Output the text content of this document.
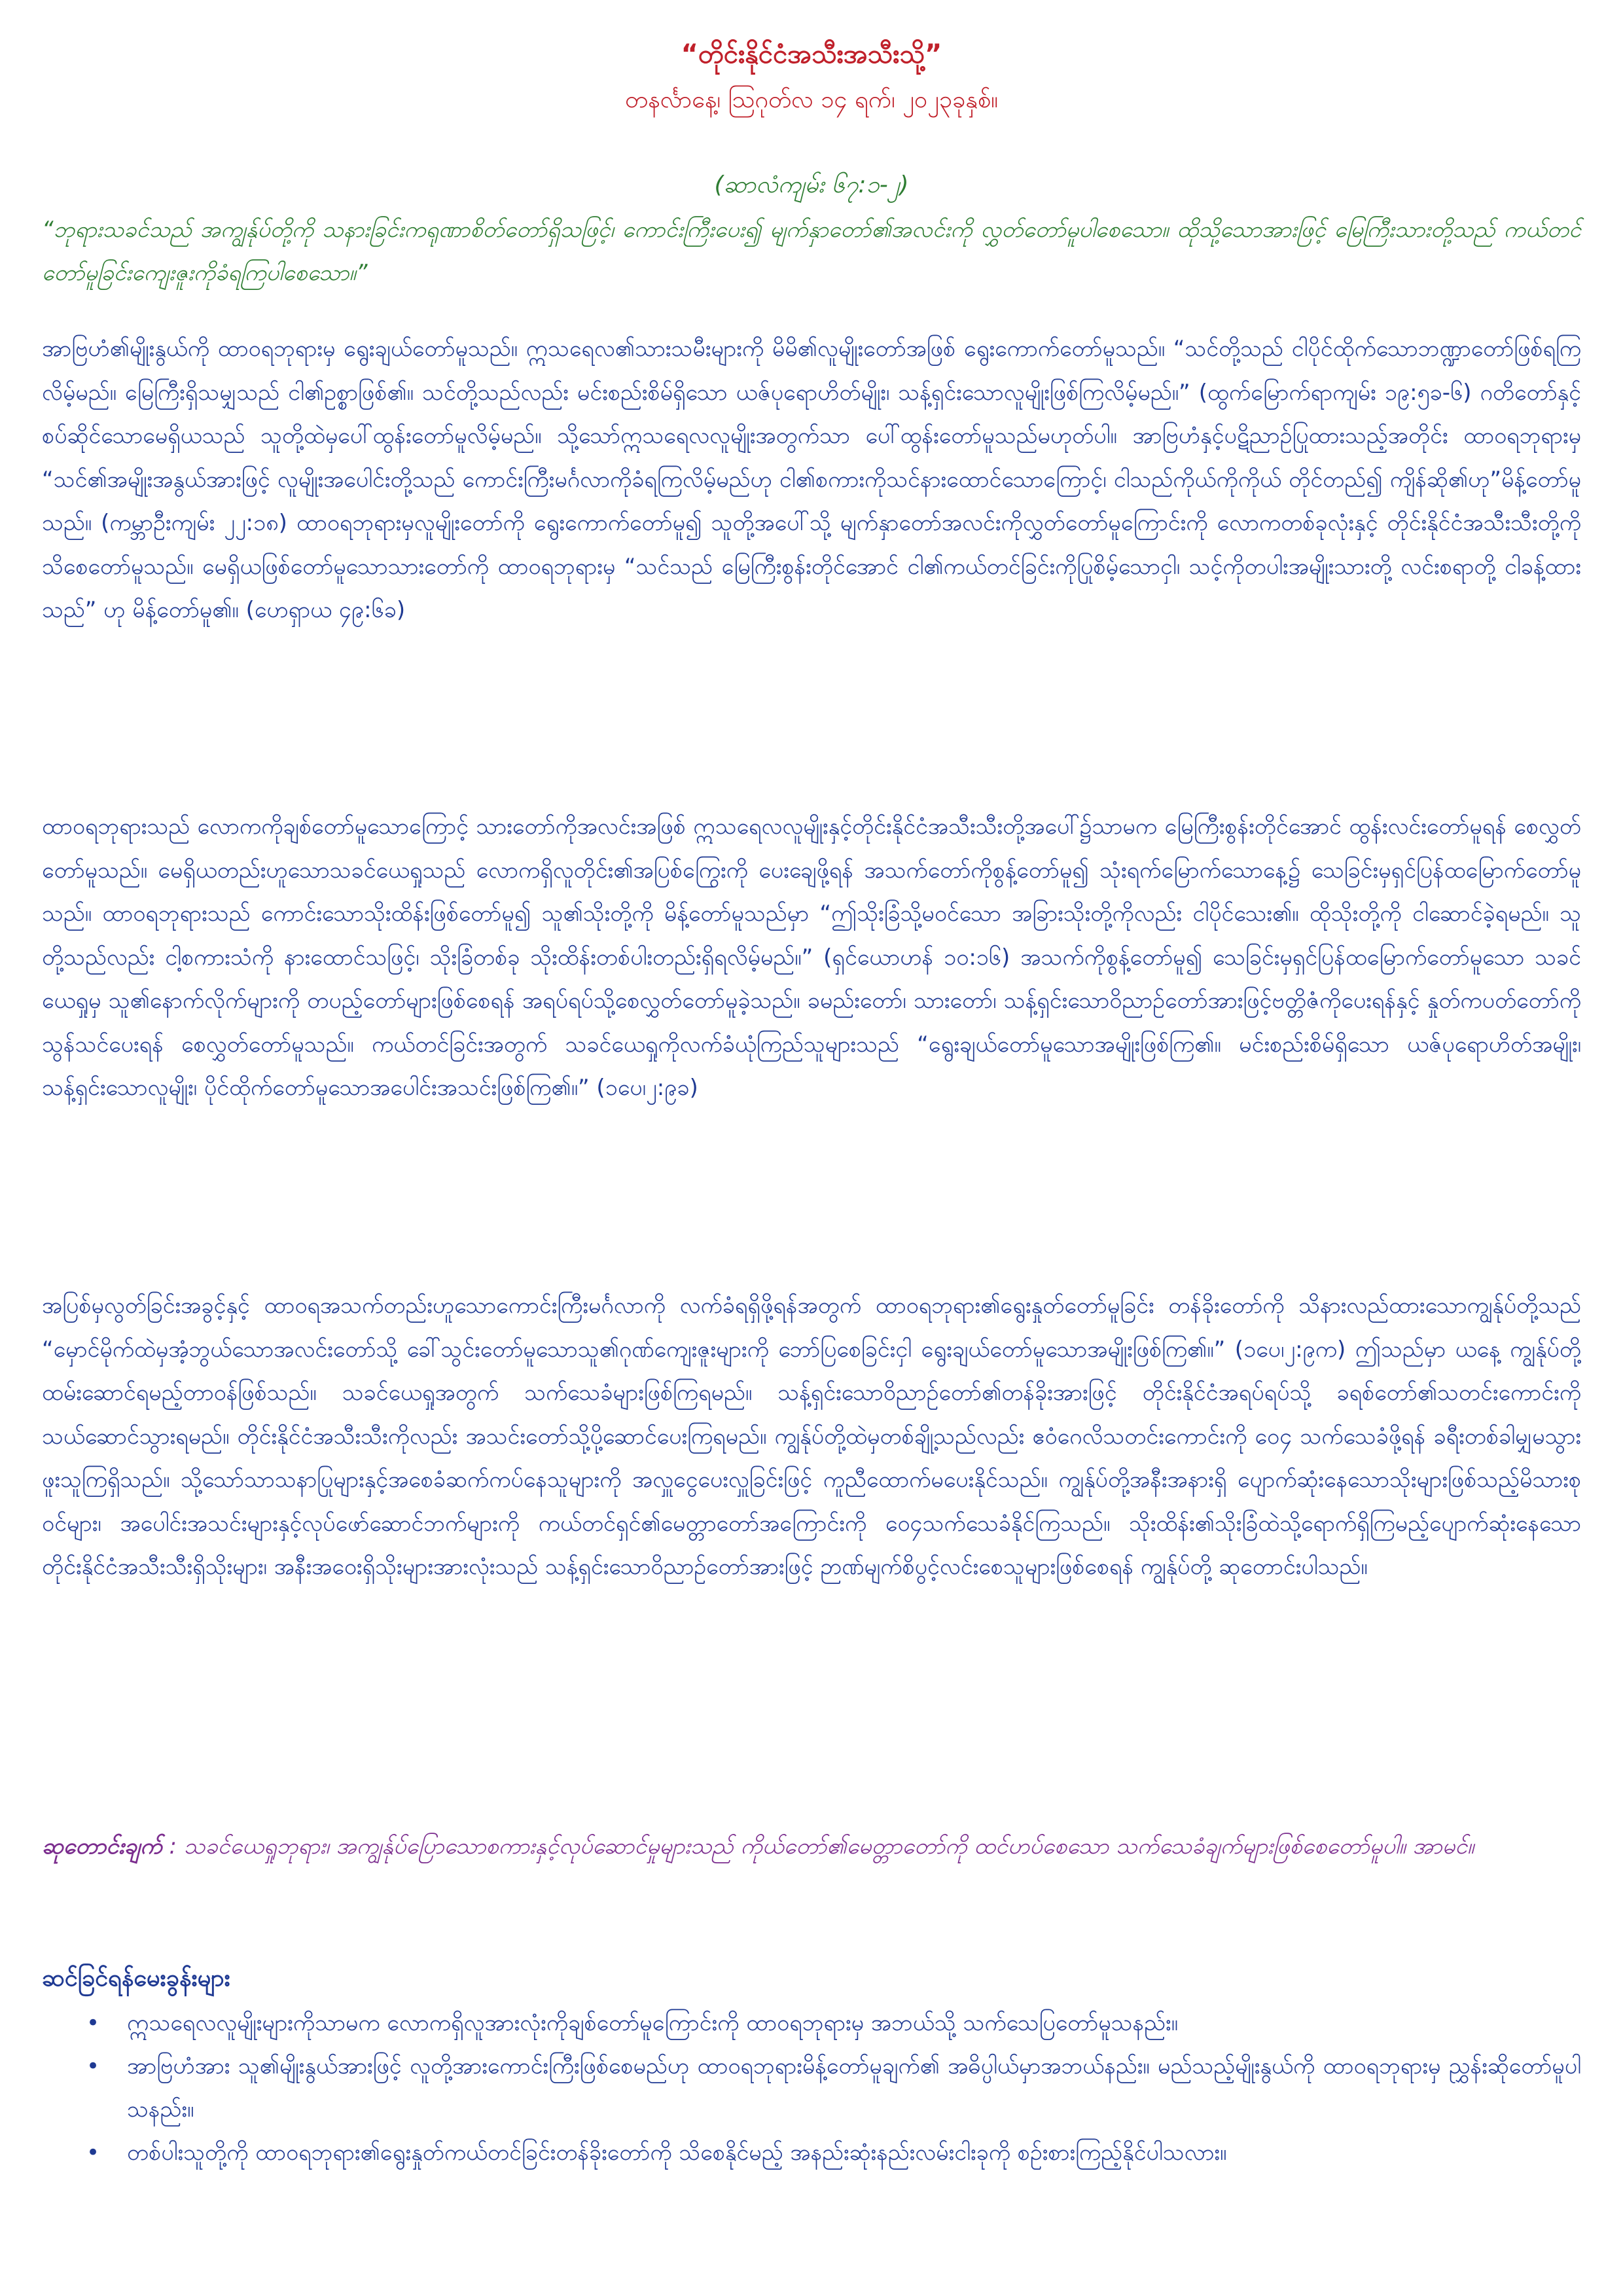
“တိုင်းနိုင်ငံအသီးအသီးသို့”
တနင်္လာနေ့၊ ဩဂုတ်လ ၁၄ ရက်၊ ၂၀၂၃ခုနှစ်။
(ဆာလံကျမ်း ၆၇:၁-၂)
“ဘုရားသခင်သည် အကျွန်ုပ်တို့ကို သနားခြင်းကရုဏာစိတ်တော်ရှိသဖြင့်၊ ကောင်းကြီးပေး၍ မျက်နှာတော်၏အလင်းကို လွှတ်တော်မူပါစေသော။ ထိုသို့သောအားဖြင့် မြေကြီးသားတို့သည် ကယ်တင်တော်မူခြင်းကျေးဇူးကိုခံရကြပါစေသော။”

အာဗြဟံ၏မျိုးနွယ်ကို ထာဝရဘုရားမှ ရွေးချယ်တော်မူသည်။ ဣသရေလ၏သားသမီးများကို မိမိ၏လူမျိုးတော်အဖြစ် ရွေးကောက်တော်မူသည်။ “သင်တို့သည် ငါပိုင်ထိုက်သောဘဏ္ဍာတော်ဖြစ်ရကြလိမ့်မည်။ မြေကြီးရှိသမျှသည် ငါ၏ဥစ္စာဖြစ်၏။ သင်တို့သည်လည်း မင်းစည်းစိမ်ရှိသော ယဇ်ပုရောဟိတ်မျိုး၊ သန့်ရှင်းသောလူမျိုးဖြစ်ကြလိမ့်မည်။” (ထွက်မြောက်ရာကျမ်း ၁၉:၅ခ-၆) ဂတိတော်နှင့်စပ်ဆိုင်သောမေရှိယသည် သူတို့ထဲမှပေါ်ထွန်းတော်မူလိမ့်မည်။ သို့သော်ဣသရေလလူမျိုးအတွက်သာ ပေါ်ထွန်းတော်မူသည်မဟုတ်ပါ။ အာဗြဟံနှင့်ပဋိညာဉ်ပြုထားသည့်အတိုင်း ထာဝရဘုရားမှ “သင်၏အမျိုးအနွယ်အားဖြင့် လူမျိုးအပေါင်းတို့သည် ကောင်းကြီးမင်္ဂလာကိုခံရကြလိမ့်မည်ဟု ငါ၏စကားကိုသင်နားထောင်သောကြောင့်၊ ငါသည်ကိုယ်ကိုကိုယ် တိုင်တည်၍ ကျိန်ဆို၏ဟု”မိန့်တော်မူသည်။ (ကမ္ဘာဦးကျမ်း ၂၂:၁၈) ထာဝရဘုရားမှလူမျိုးတော်ကို ရွေးကောက်တော်မူ၍ သူတို့အပေါ်သို့ မျက်နှာတော်အလင်းကိုလွှတ်တော်မူကြောင်းကို လောကတစ်ခုလုံးနှင့် တိုင်းနိုင်ငံအသီးသီးတို့ကို သိစေတော်မူသည်။ မေရှိယဖြစ်တော်မူသောသားတော်ကို ထာဝရဘုရားမှ “သင်သည် မြေကြီးစွန်းတိုင်အောင် ငါ၏ကယ်တင်ခြင်းကိုပြုစိမ့်သောငှါ၊ သင့်ကိုတပါးအမျိုးသားတို့ လင်းစရာတို့ ငါခန့်ထားသည်” ဟု မိန့်တော်မူ၏။ (ဟေရှာယ ၄၉:၆ခ)

ထာဝရဘုရားသည် လောကကိုချစ်တော်မူသောကြောင့် သားတော်ကိုအလင်းအဖြစ် ဣသရေလလူမျိုးနှင့်တိုင်းနိုင်ငံအသီးသီးတို့အပေါ်၌သာမက မြေကြီးစွန်းတိုင်အောင် ထွန်းလင်းတော်မူရန် စေလွှတ်တော်မူသည်။ မေရှိယတည်းဟူသောသခင်ယေရှုသည် လောကရှိလူတိုင်း၏အပြစ်ကြွေးကို ပေးချေဖို့ရန် အသက်တော်ကိုစွန့်တော်မူ၍ သုံးရက်မြောက်သောနေ့၌ သေခြင်းမှရှင်ပြန်ထမြောက်တော်မူသည်။ ထာဝရဘုရားသည် ကောင်းသောသိုးထိန်းဖြစ်တော်မူ၍ သူ၏သိုးတို့ကို မိန့်တော်မူသည်မှာ “ဤသိုးခြံသို့မဝင်သော အခြားသိုးတို့ကိုလည်း ငါပိုင်သေး၏။ ထိုသိုးတို့ကို ငါဆောင်ခဲ့ရမည်။ သူတို့သည်လည်း ငါ့စကားသံကို နားထောင်သဖြင့်၊ သိုးခြံတစ်ခု သိုးထိန်းတစ်ပါးတည်းရှိရလိမ့်မည်။” (ရှင်ယောဟန် ၁၀:၁၆) အသက်ကိုစွန့်တော်မူ၍ သေခြင်းမှရှင်ပြန်ထမြောက်တော်မူသော သခင်ယေရှုမှ သူ၏နောက်လိုက်များကို တပည့်တော်များဖြစ်စေရန် အရပ်ရပ်သို့စေလွှတ်တော်မူခဲ့သည်။ ခမည်းတော်၊ သားတော်၊ သန့်ရှင်းသောဝိညာဉ်တော်အားဖြင့်ဗတ္တိဇံကိုပေးရန်နှင့် နှုတ်ကပတ်တော်ကိုသွန်သင်ပေးရန် စေလွှတ်တော်မူသည်။ ကယ်တင်ခြင်းအတွက် သခင်ယေရှုကိုလက်ခံယုံကြည်သူများသည် “ရွေးချယ်တော်မူသောအမျိုးဖြစ်ကြ၏။ မင်းစည်းစိမ်ရှိသော ယဇ်ပုရောဟိတ်အမျိုး၊ သန့်ရှင်းသောလူမျိုး၊ ပိုင်ထိုက်တော်မူသောအပေါင်းအသင်းဖြစ်ကြ၏။” (၁ပေ၊၂:၉ခ)

အပြစ်မှလွတ်ခြင်းအခွင့်နှင့် ထာဝရအသက်တည်းဟူသောကောင်းကြီးမင်္ဂလာကို လက်ခံရရှိဖို့ရန်အတွက် ထာဝရဘုရား၏ရွေးနှုတ်တော်မူခြင်း တန်ခိုးတော်ကို သိနားလည်ထားသောကျွန်ုပ်တို့သည် “မှောင်မိုက်ထဲမှအံ့ဘွယ်သောအလင်းတော်သို့ ခေါ်သွင်းတော်မူသောသူ၏ဂုဏ်ကျေးဇူးများကို ဘော်ပြစေခြင်းငှါ ရွေးချယ်တော်မူသောအမျိုးဖြစ်ကြ၏။” (၁ပေ၊၂:၉က) ဤသည်မှာ ယနေ့ ကျွန်ုပ်တို့ထမ်းဆောင်ရမည့်တာဝန်ဖြစ်သည်။ သခင်ယေရှုအတွက် သက်သေခံများဖြစ်ကြရမည်။ သန့်ရှင်းသောဝိညာဉ်တော်၏တန်ခိုးအားဖြင့် တိုင်းနိုင်ငံအရပ်ရပ်သို့ ခရစ်တော်၏သတင်းကောင်းကို သယ်ဆောင်သွားရမည်။ တိုင်းနိုင်ငံအသီးသီးကိုလည်း အသင်းတော်သို့ပို့ဆောင်ပေးကြရမည်။ ကျွန်ုပ်တို့ထဲမှတစ်ချို့သည်လည်း ဧဝံဂေလိသတင်းကောင်းကို ဝေ၄ သက်သေခံဖို့ရန် ခရီးတစ်ခါမျှမသွားဖူးသူကြရှိသည်။ သို့သော်သာသနာပြုများနှင့်အစေခံဆက်ကပ်နေသူများကို အလှူငွေပေးလှူခြင်းဖြင့် ကူညီထောက်မပေးနိုင်သည်။ ကျွန်ုပ်တို့အနီးအနားရှိ ပျောက်ဆုံးနေသောသိုးများဖြစ်သည့်မိသားစုဝင်များ၊ အပေါင်းအသင်းများနှင့်လုပ်ဖော်ဆောင်ဘက်များကို ကယ်တင်ရှင်၏မေတ္တာတော်အကြောင်းကို ဝေ၄သက်သေခံနိုင်ကြသည်။ သိုးထိန်း၏သိုးခြံထဲသို့ရောက်ရှိကြမည့်ပျောက်ဆုံးနေသော တိုင်းနိုင်ငံအသီးသီးရှိသိုးများ၊ အနီးအဝေးရှိသိုးများအားလုံးသည် သန့်ရှင်းသောဝိညာဉ်တော်အားဖြင့် ဉာဏ်မျက်စိပွင့်လင်းစေသူများဖြစ်စေရန် ကျွန်ုပ်တို့ ဆုတောင်းပါသည်။

ဆုတောင်းချက် : သခင်ယေရှုဘုရား၊ အကျွန်ုပ်ပြောသောစကားနှင့်လုပ်ဆောင်မှုများသည် ကိုယ်တော်၏မေတ္တာတော်ကို ထင်ဟပ်စေသော သက်သေခံချက်များဖြစ်စေတော်မူပါ။ အာမင်။

ဆင်ခြင်ရန်မေးခွန်းများ
• ဣသရေလလူမျိုးများကိုသာမက လောကရှိလူအားလုံးကိုချစ်တော်မူကြောင်းကို ထာဝရဘုရားမှ အဘယ်သို့ သက်သေပြတော်မူသနည်း။
• အာဗြဟံအား သူ၏မျိုးနွယ်အားဖြင့် လူတို့အားကောင်းကြီးဖြစ်စေမည်ဟု ထာဝရဘုရားမိန့်တော်မူချက်၏ အဓိပ္ပါယ်မှာအဘယ်နည်း။ မည်သည့်မျိုးနွယ်ကို ထာဝရဘုရားမှ ညွှန်းဆိုတော်မူပါသနည်း။
• တစ်ပါးသူတို့ကို ထာဝရဘုရား၏ရွေးနှုတ်ကယ်တင်ခြင်းတန်ခိုးတော်ကို သိစေနိုင်မည့် အနည်းဆုံးနည်းလမ်းငါးခုကို စဉ်းစားကြည့်နိုင်ပါသလား။
